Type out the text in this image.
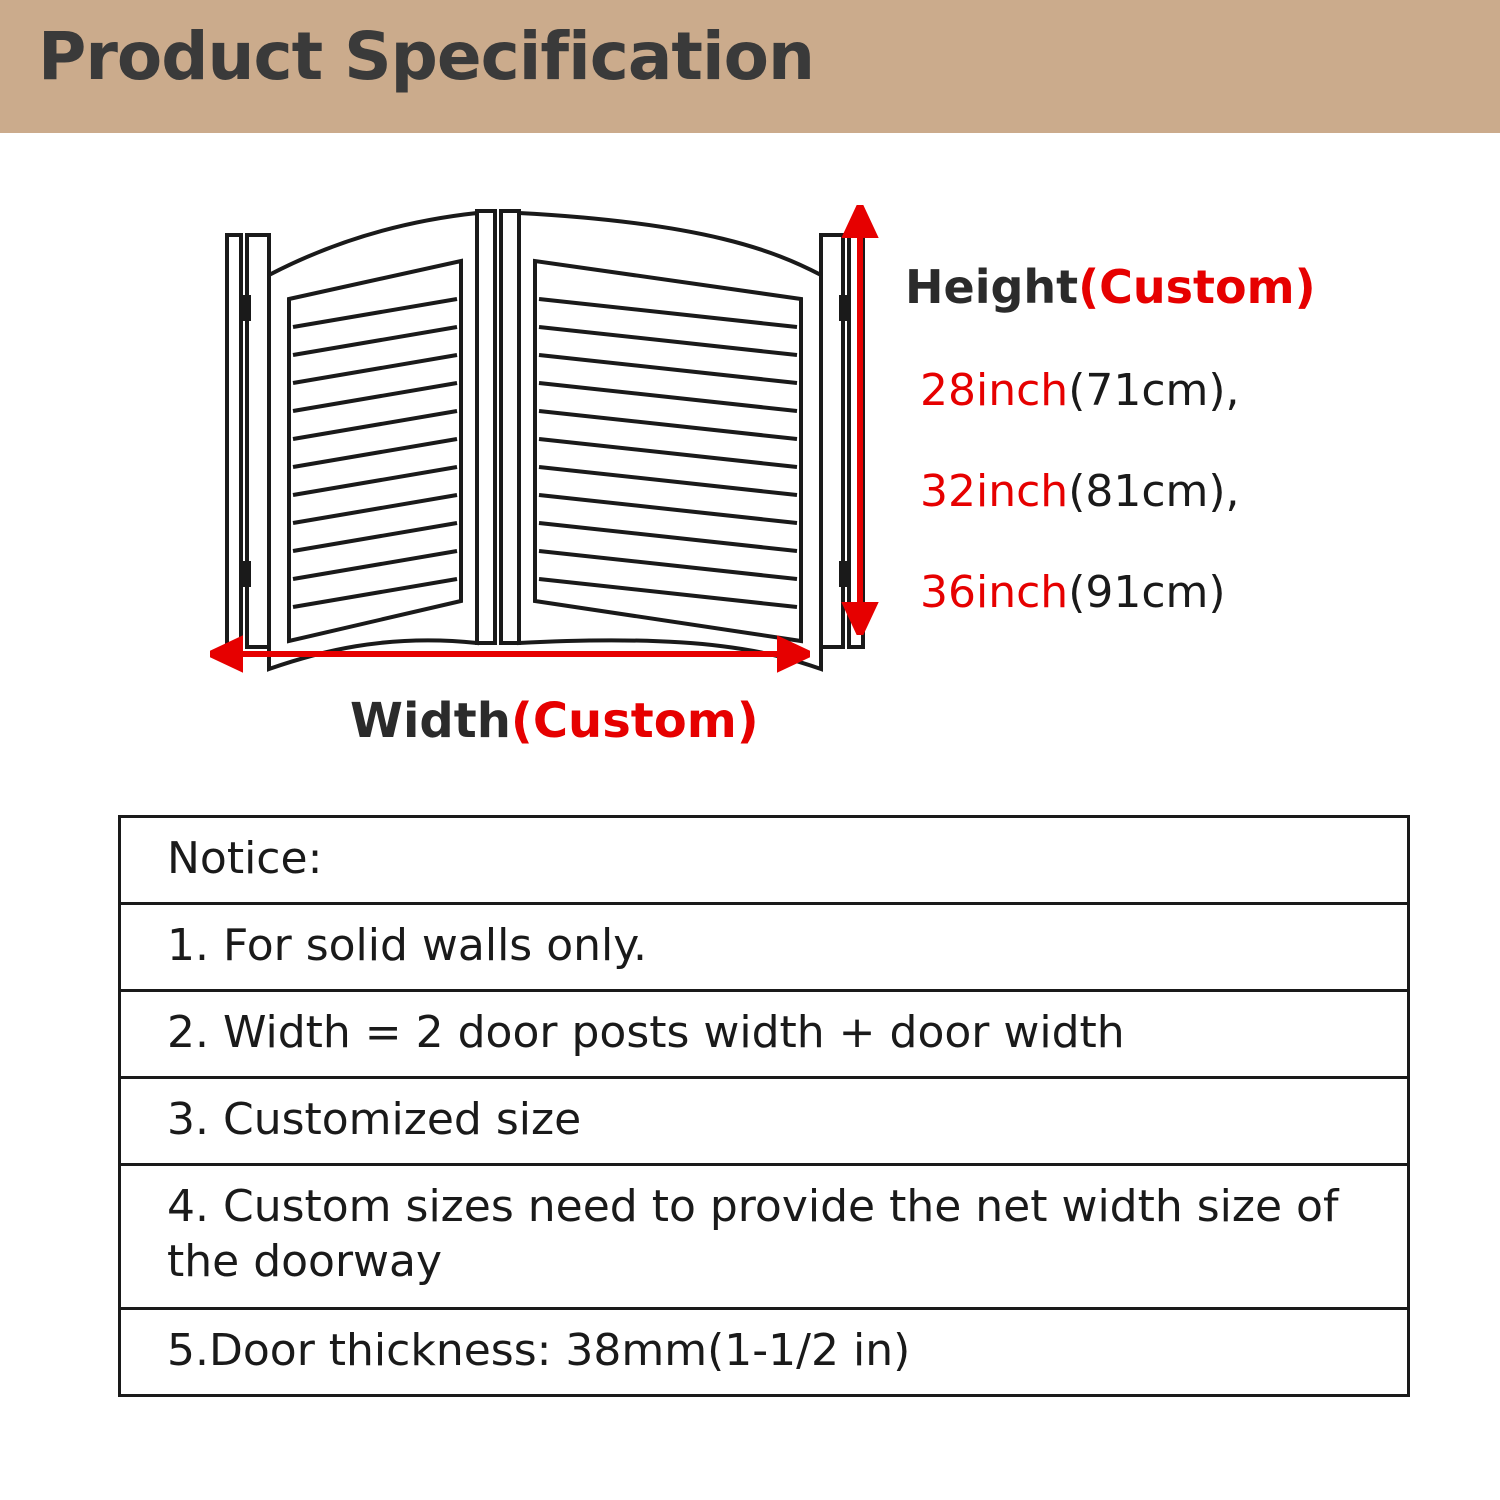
Product Specification
Height(Custom)
28inch(71cm),
32inch(81cm),
36inch(91cm)
Width(Custom)
Notice:
1. For solid walls only.
2. Width = 2 door posts width + door width
3. Customized size
4. Custom sizes need to provide the net width size of the doorway
5.Door thickness: 38mm(1-1/2 in)
